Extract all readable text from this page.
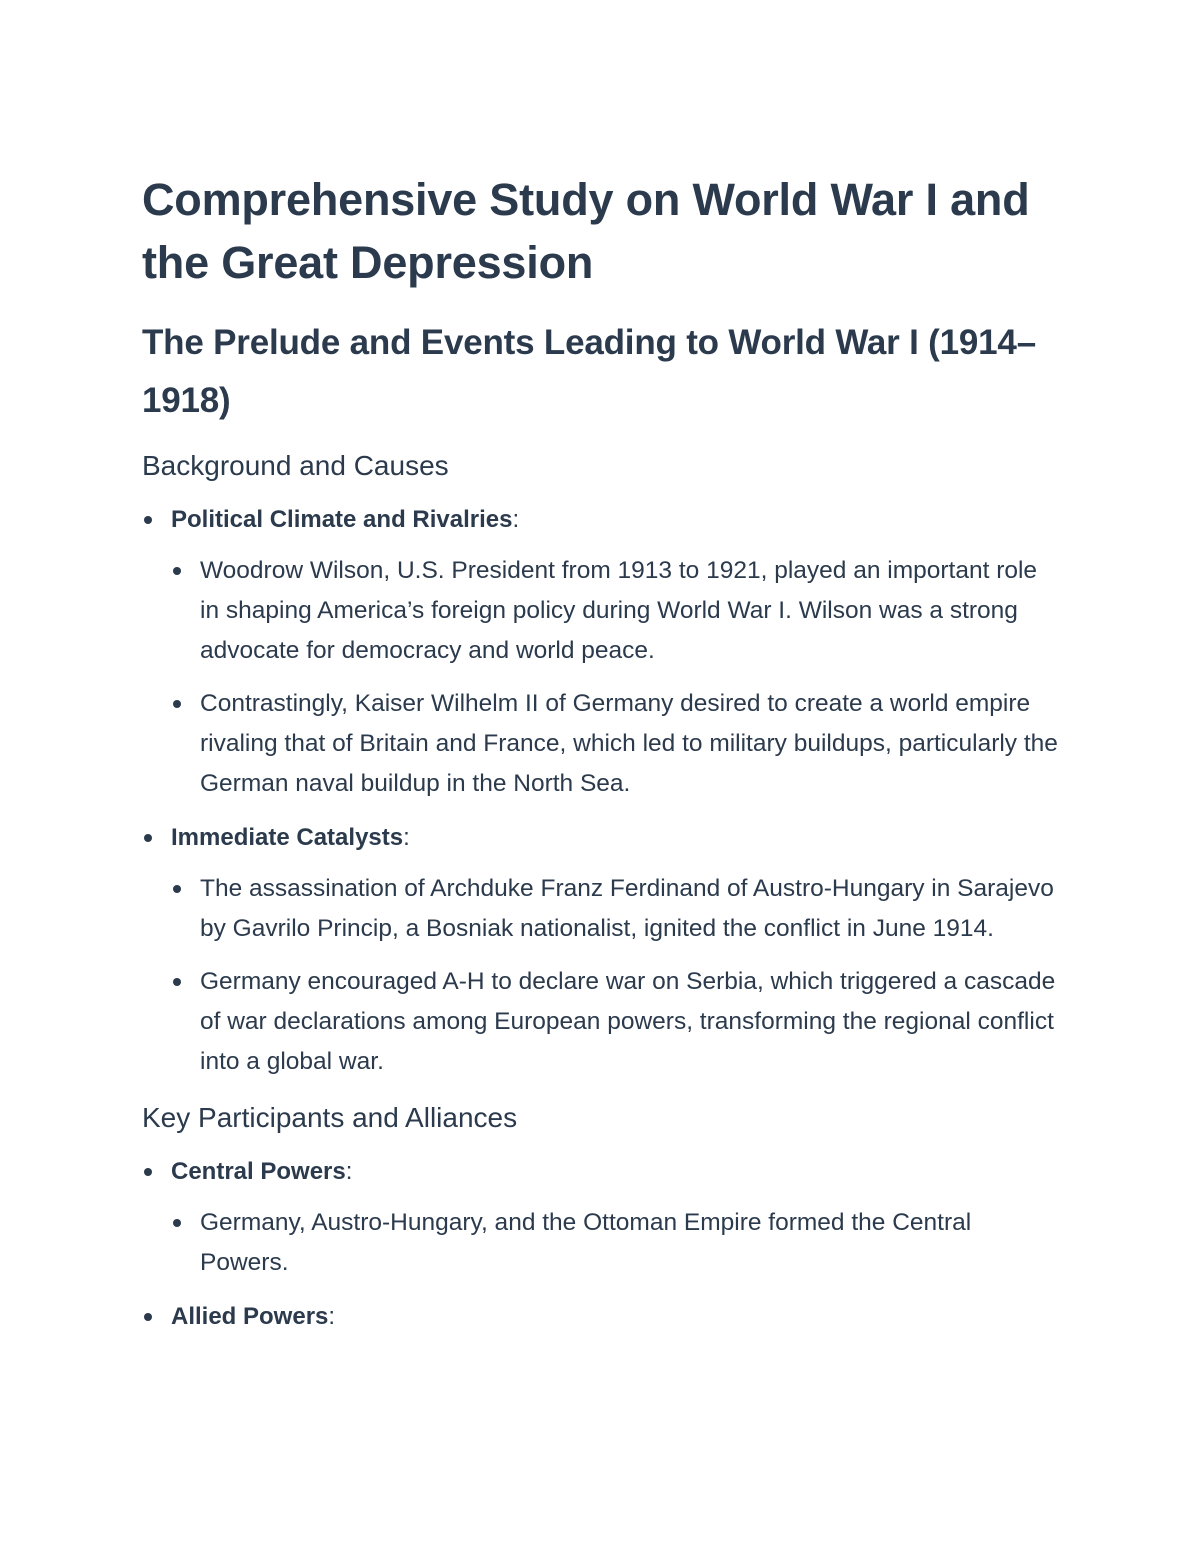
Comprehensive Study on World War I and the Great Depression
The Prelude and Events Leading to World War I (1914–1918)
Background and Causes
Political Climate and Rivalries:
Woodrow Wilson, U.S. President from 1913 to 1921, played an important role in shaping America’s foreign policy during World War I. Wilson was a strong advocate for democracy and world peace.
Contrastingly, Kaiser Wilhelm II of Germany desired to create a world empire rivaling that of Britain and France, which led to military buildups, particularly the German naval buildup in the North Sea.
Immediate Catalysts:
The assassination of Archduke Franz Ferdinand of Austro-Hungary in Sarajevo by Gavrilo Princip, a Bosniak nationalist, ignited the conflict in June 1914.
Germany encouraged A-H to declare war on Serbia, which triggered a cascade of war declarations among European powers, transforming the regional conflict into a global war.
Key Participants and Alliances
Central Powers:
Germany, Austro-Hungary, and the Ottoman Empire formed the Central Powers.
Allied Powers:
